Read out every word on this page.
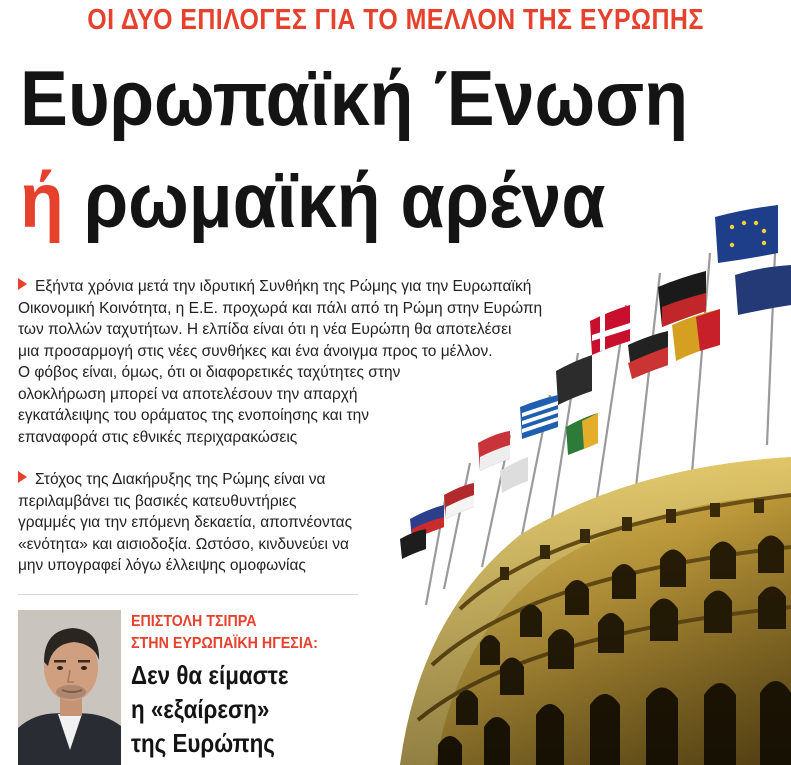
ΟΙ ΔΥΟ ΕΠΙΛΟΓΕΣ ΓΙΑ ΤΟ ΜΕΛΛΟΝ ΤΗΣ ΕΥΡΩΠΗΣ
Ευρωπαϊκή Ένωση
ή ρωμαϊκή αρένα
Εξήντα χρόνια μετά την ιδρυτική Συνθήκη της Ρώμης για την Ευρωπαϊκή
Οικονομική Κοινότητα, η Ε.Ε. προχωρά και πάλι από τη Ρώμη στην Ευρώπη
των πολλών ταχυτήτων. Η ελπίδα είναι ότι η νέα Ευρώπη θα αποτελέσει
μια προσαρμογή στις νέες συνθήκες και ένα άνοιγμα προς το μέλλον.
Ο φόβος είναι, όμως, ότι οι διαφορετικές ταχύτητες στην
ολοκλήρωση μπορεί να αποτελέσουν την απαρχή
εγκατάλειψης του οράματος της ενοποίησης και την
επαναφορά στις εθνικές περιχαρακώσεις
Στόχος της Διακήρυξης της Ρώμης είναι να
περιλαμβάνει τις βασικές κατευθυντήριες
γραμμές για την επόμενη δεκαετία, αποπνέοντας
«ενότητα» και αισιοδοξία. Ωστόσο, κινδυνεύει να
μην υπογραφεί λόγω έλλειψης ομοφωνίας
ΕΠΙΣΤΟΛΗ ΤΣΙΠΡΑ
ΣΤΗΝ ΕΥΡΩΠΑΪΚΗ ΗΓΕΣΙΑ:
Δεν θα είμαστε
η «εξαίρεση»
της Ευρώπης
